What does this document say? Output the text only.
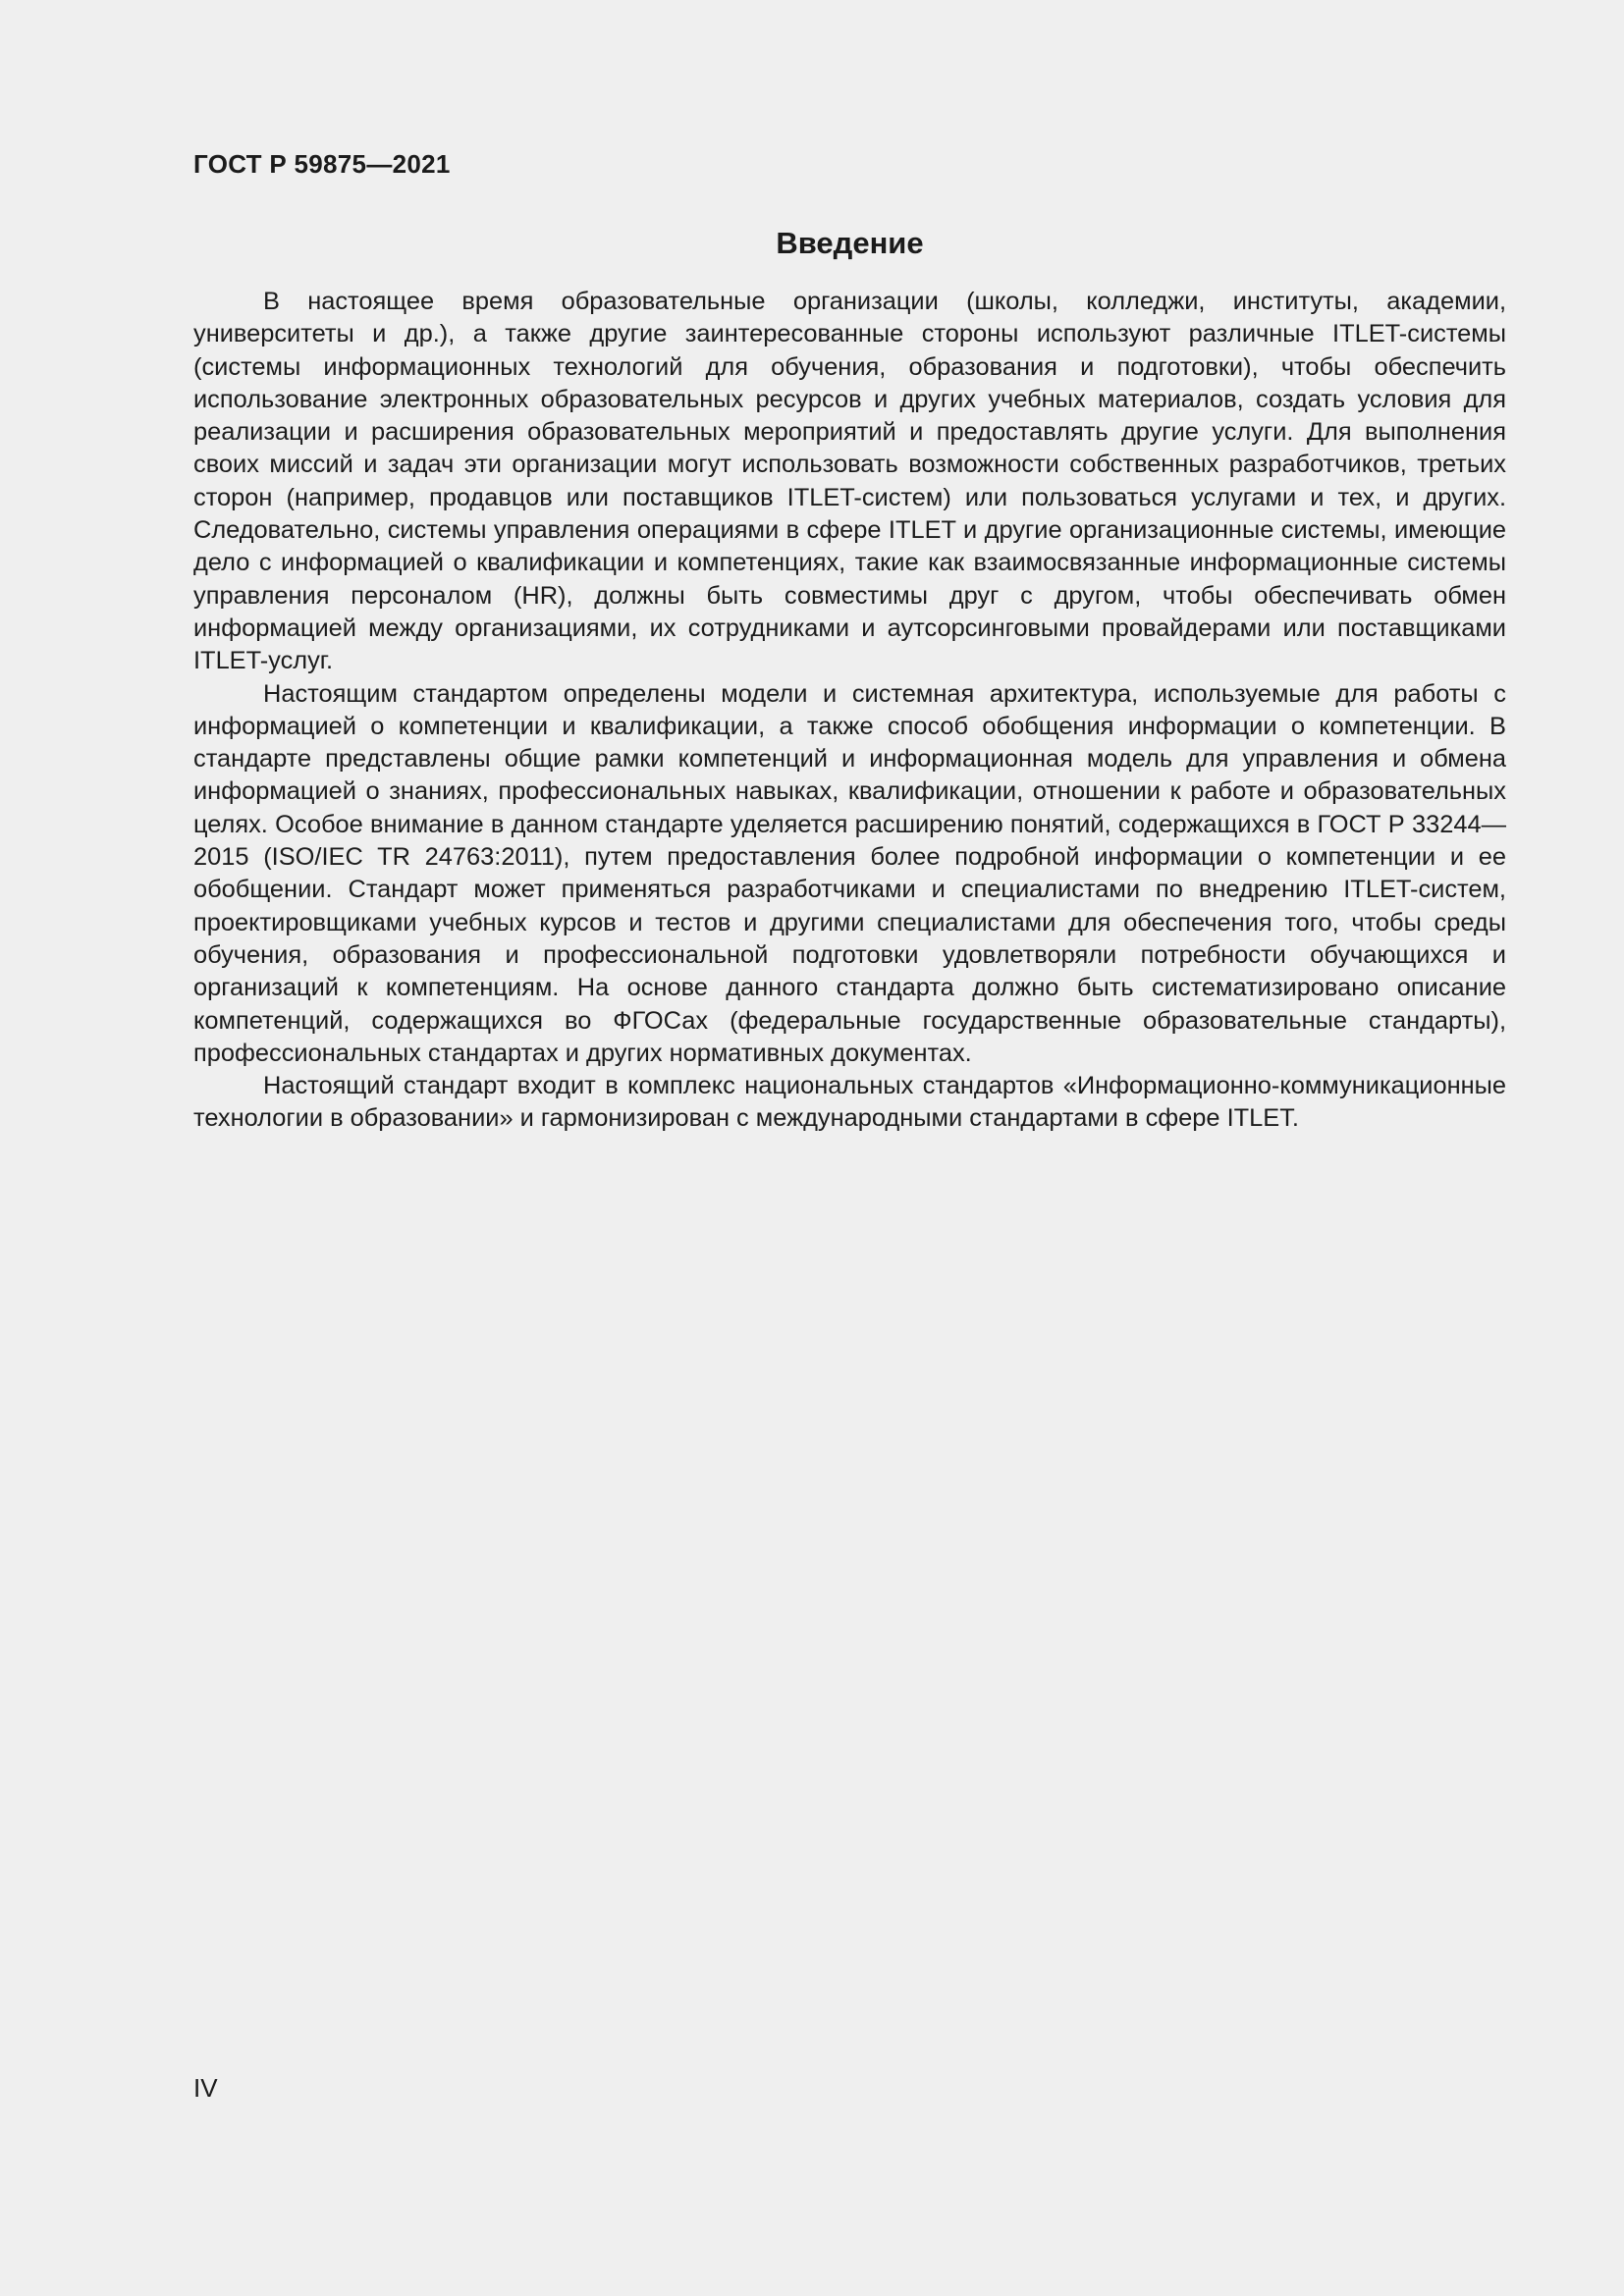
ГОСТ Р 59875—2021
Введение

В настоящее время образовательные организации (школы, колледжи, институты, академии, университеты и др.), а также другие заинтересованные стороны используют различные ITLET-системы (системы информационных технологий для обучения, образования и подготовки), чтобы обеспечить использование электронных образовательных ресурсов и других учебных материалов, создать условия для реализации и расширения образовательных мероприятий и предоставлять другие услуги. Для выполнения своих миссий и задач эти организации могут использовать возможности собственных разработчиков, третьих сторон (например, продавцов или поставщиков ITLET-систем) или пользоваться услугами и тех, и других. Следовательно, системы управления операциями в сфере ITLET и другие организационные системы, имеющие дело с информацией о квалификации и компетенциях, такие как взаимосвязанные информационные системы управления персоналом (HR), должны быть совместимы друг с другом, чтобы обеспечивать обмен информацией между организациями, их сотрудниками и аутсорсинговыми провайдерами или поставщиками ITLET-услуг.

Настоящим стандартом определены модели и системная архитектура, используемые для работы с информацией о компетенции и квалификации, а также способ обобщения информации о компетенции. В стандарте представлены общие рамки компетенций и информационная модель для управления и обмена информацией о знаниях, профессиональных навыках, квалификации, отношении к работе и образовательных целях. Особое внимание в данном стандарте уделяется расширению понятий, содержащихся в ГОСТ Р 33244—2015 (ISO/IEC TR 24763:2011), путем предоставления более подробной информации о компетенции и ее обобщении. Стандарт может применяться разработчиками и специалистами по внедрению ITLET-систем, проектировщиками учебных курсов и тестов и другими специалистами для обеспечения того, чтобы среды обучения, образования и профессиональной подготовки удовлетворяли потребности обучающихся и организаций к компетенциям. На основе данного стандарта должно быть систематизировано описание компетенций, содержащихся во ФГОСах (федеральные государственные образовательные стандарты), профессиональных стандартах и других нормативных документах.

Настоящий стандарт входит в комплекс национальных стандартов «Информационно-коммуникационные технологии в образовании» и гармонизирован с международными стандартами в сфере ITLET.

IV
